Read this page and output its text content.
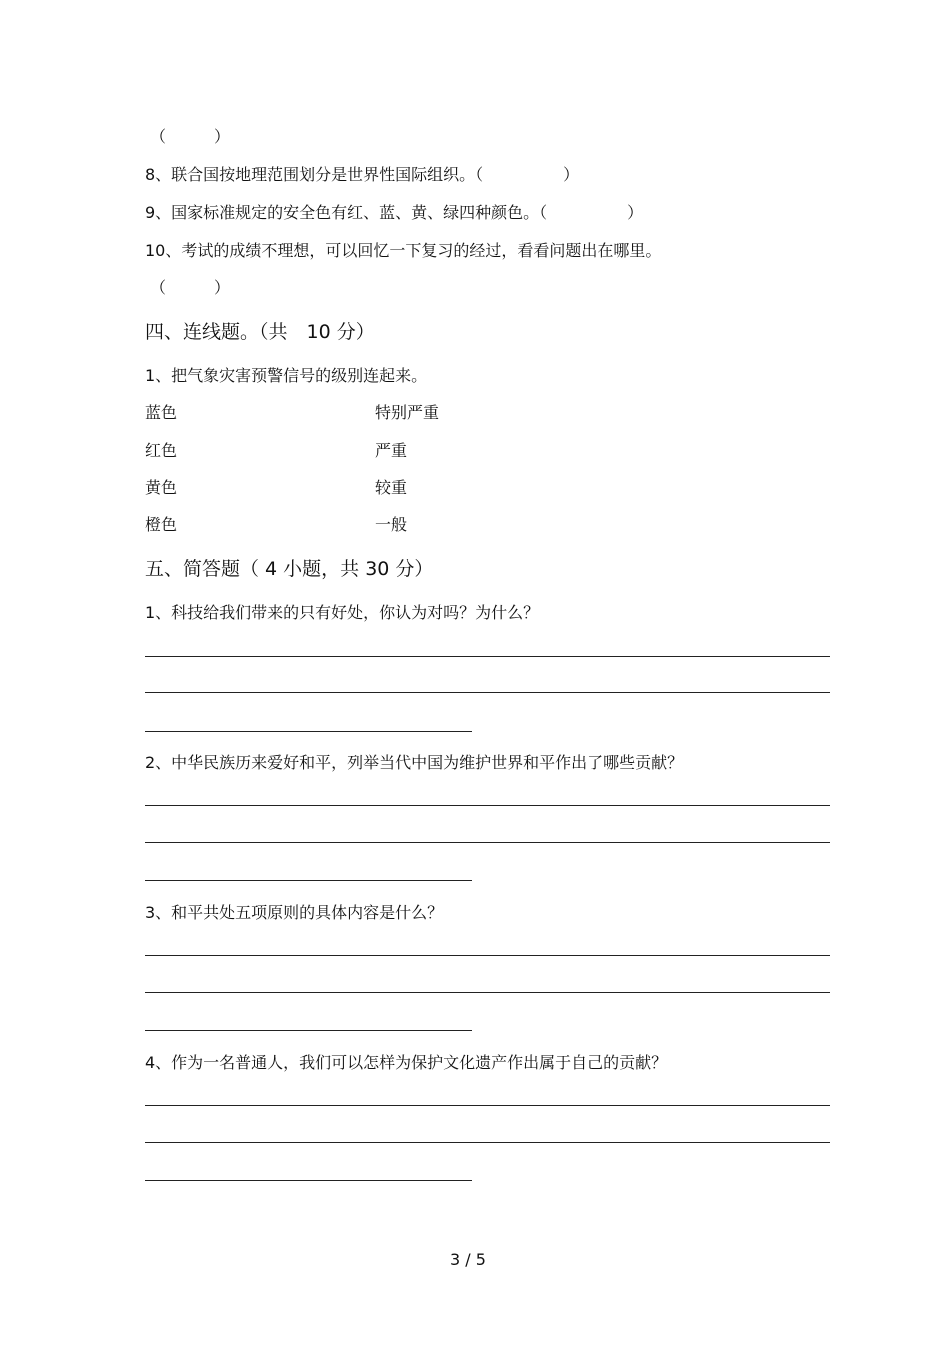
（　　　）
8、联合国按地理范围划分是世界性国际组织。（　　　　　）
9、国家标准规定的安全色有红、蓝、黄、绿四种颜色。（　　　　　）
10、考试的成绩不理想，可以回忆一下复习的经过，看看问题出在哪里。
（　　　）
四、连线题。（共　10 分）
1、把气象灾害预警信号的级别连起来。
蓝色	特别严重
红色	严重
黄色	较重
橙色	一般
五、简答题（ 4 小题，共 30 分）
1、科技给我们带来的只有好处，你认为对吗？为什么？
2、中华民族历来爱好和平，列举当代中国为维护世界和平作出了哪些贡献？
3、和平共处五项原则的具体内容是什么？
4、作为一名普通人，我们可以怎样为保护文化遗产作出属于自己的贡献？
3 / 5
